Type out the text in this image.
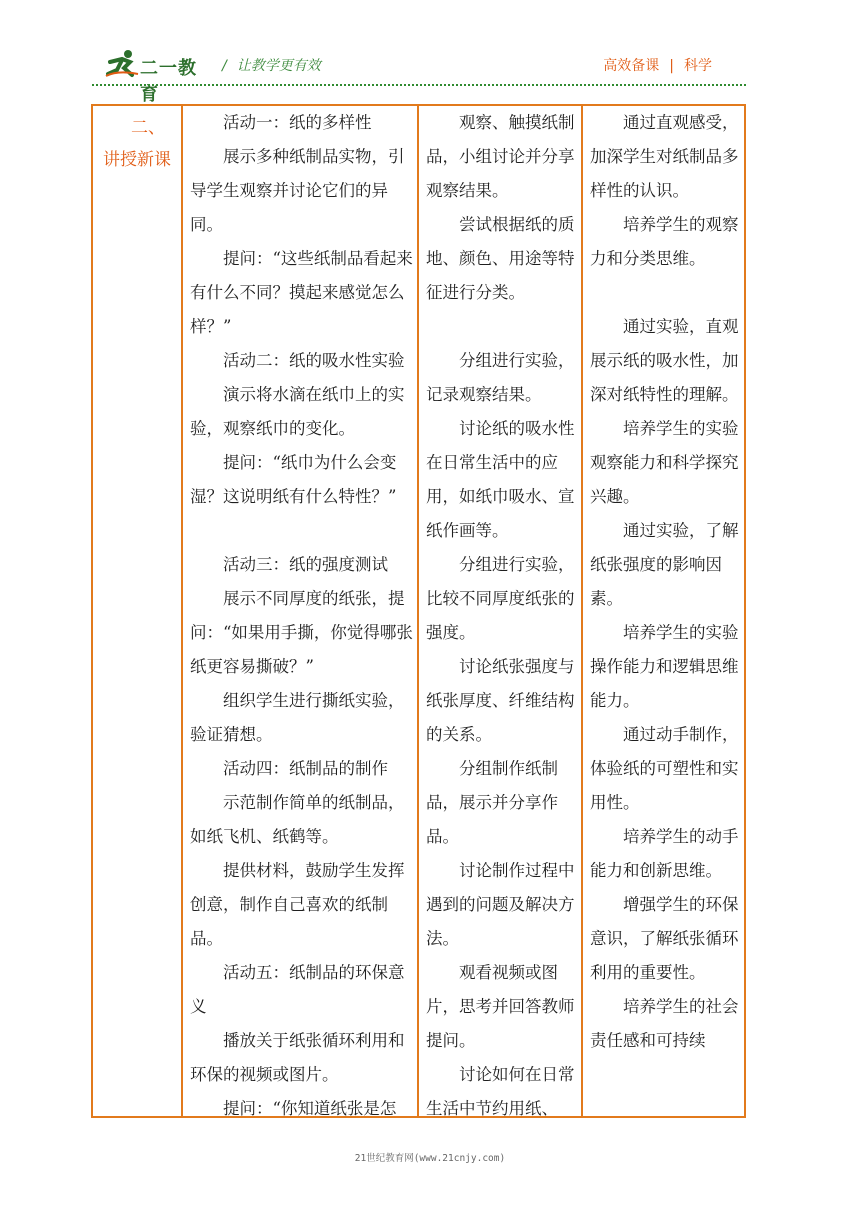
二一教育
/ 让教学更有效	高效备课 | 科学
二、
讲授新课

活动一：纸的多样性

展示多种纸制品实物，引导学生观察并讨论它们的异同。

提问：“这些纸制品看起来有什么不同？摸起来感觉怎么样？”

活动二：纸的吸水性实验

演示将水滴在纸巾上的实验，观察纸巾的变化。

提问：“纸巾为什么会变湿？这说明纸有什么特性？”

活动三：纸的强度测试

展示不同厚度的纸张，提问：“如果用手撕，你觉得哪张纸更容易撕破？”

组织学生进行撕纸实验，验证猜想。

活动四：纸制品的制作

示范制作简单的纸制品，如纸飞机、纸鹤等。

提供材料，鼓励学生发挥创意，制作自己喜欢的纸制品。

活动五：纸制品的环保意义

播放关于纸张循环利用和环保的视频或图片。

提问：“你知道纸张是怎

观察、触摸纸制品，小组讨论并分享观察结果。

尝试根据纸的质地、颜色、用途等特征进行分类。

分组进行实验，记录观察结果。

讨论纸的吸水性在日常生活中的应用，如纸巾吸水、宣纸作画等。

分组进行实验，比较不同厚度纸张的强度。

讨论纸张强度与纸张厚度、纤维结构的关系。

分组制作纸制品，展示并分享作品。

讨论制作过程中遇到的问题及解决方法。

观看视频或图片，思考并回答教师提问。

讨论如何在日常生活中节约用纸、

通过直观感受，加深学生对纸制品多样性的认识。

培养学生的观察力和分类思维。

通过实验，直观展示纸的吸水性，加深对纸特性的理解。

培养学生的实验观察能力和科学探究兴趣。

通过实验，了解纸张强度的影响因素。

培养学生的实验操作能力和逻辑思维能力。

通过动手制作，体验纸的可塑性和实用性。

培养学生的动手能力和创新思维。

增强学生的环保意识，了解纸张循环利用的重要性。

培养学生的社会责任感和可持续

21世纪教育网(www.21cnjy.com)
